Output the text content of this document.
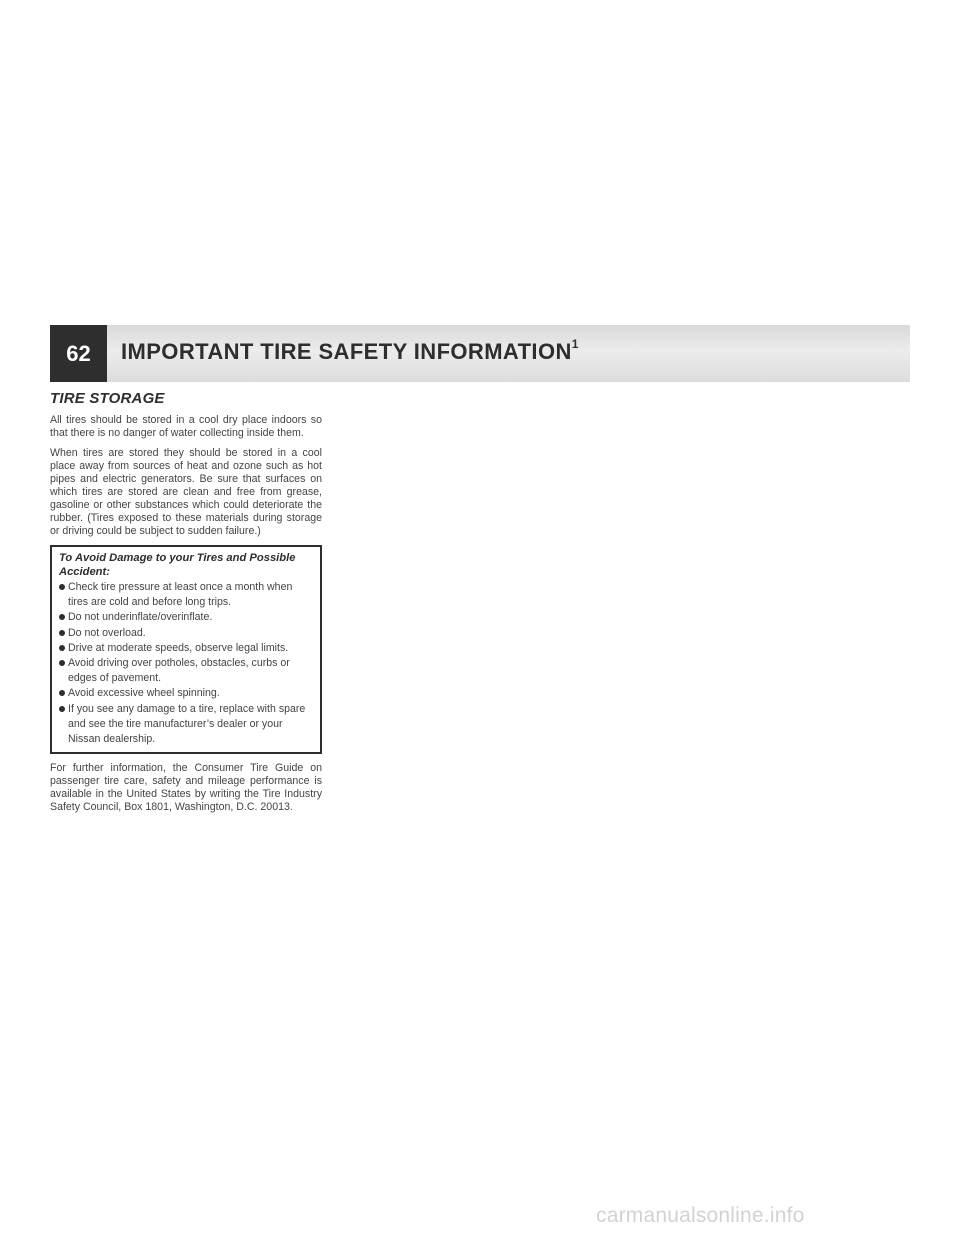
62 IMPORTANT TIRE SAFETY INFORMATION$^1$
TIRE STORAGE

All tires should be stored in a cool dry place indoors so that there is no danger of water collecting inside them.

When tires are stored they should be stored in a cool place away from sources of heat and ozone such as hot pipes and electric generators. Be sure that surfaces on which tires are stored are clean and free from grease, gasoline or other substances which could deteriorate the rubber. (Tires exposed to these materials during storage or driving could be subject to sudden failure.)

To Avoid Damage to your Tires and Possible Accident:
Check tire pressure at least once a month when tires are cold and before long trips.
Do not underinflate/overinflate.
Do not overload.
Drive at moderate speeds, observe legal limits.
Avoid driving over potholes, obstacles, curbs or edges of pavement.
Avoid excessive wheel spinning.
If you see any damage to a tire, replace with spare and see the tire manufacturer’s dealer or your Nissan dealership.

For further information, the Consumer Tire Guide on passenger tire care, safety and mileage performance is available in the United States by writing the Tire Industry Safety Council, Box 1801, Washington, D.C. 20013.

carmanualsonline.info
